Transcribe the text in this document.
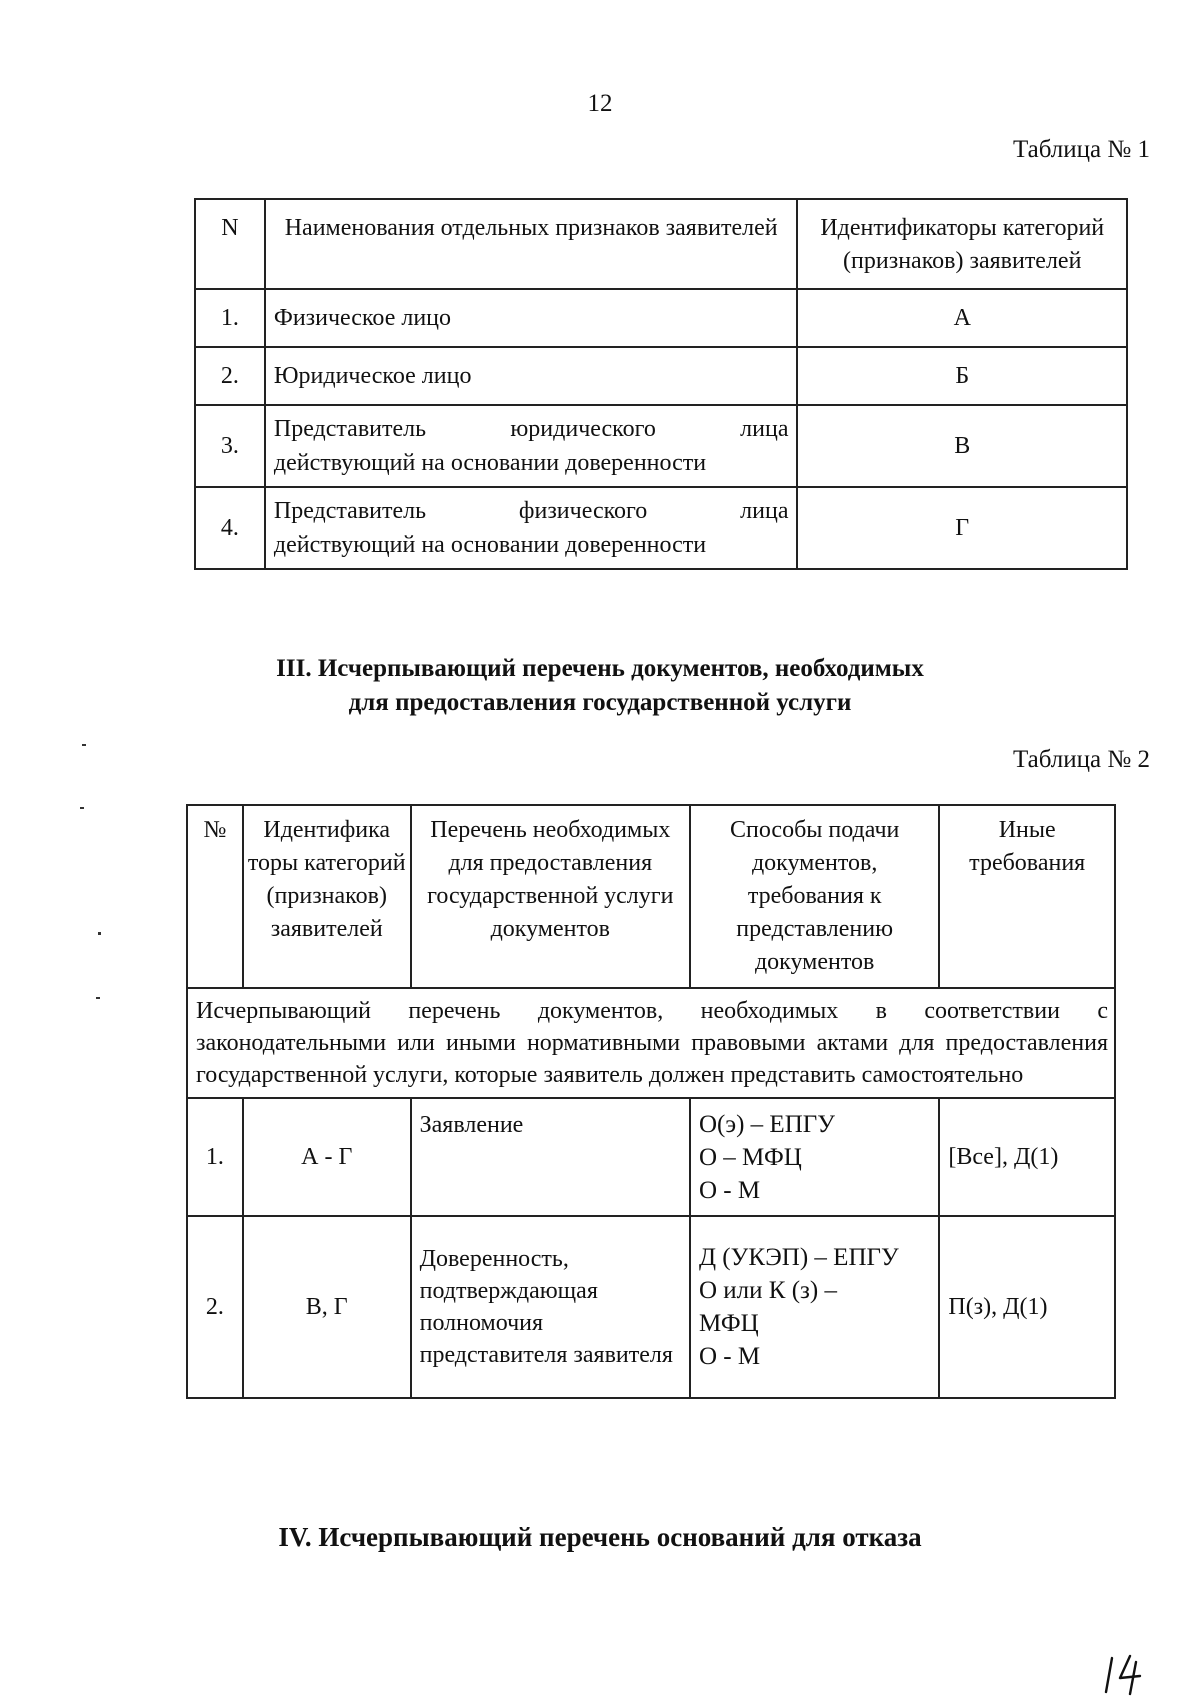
12
Таблица № 1
N	Наименования отдельных признаков заявителей	Идентификаторы категорий (признаков) заявителей
1.	Физическое лицо	А
2.	Юридическое лицо	Б
3.	Представитель юридического лица
действующий на основании доверенности	В
4.	Представитель физического лица
действующий на основании доверенности	Г
III. Исчерпывающий перечень документов, необходимых
для предоставления государственной услуги
Таблица № 2
№	Идентифика торы категорий (признаков) заявителей	Перечень необходимых для предоставления государственной услуги документов	Способы подачи документов, требования к представлению документов	Иные требования
Исчерпывающий перечень документов, необходимых в соответствии с законодательными или иными нормативными правовыми актами для предоставления государственной услуги, которые заявитель должен представить самостоятельно				
1.	А - Г	Заявление	О(э) – ЕПГУ
О – МФЦ
О - М	[Все], Д(1)
2.	В, Г	Доверенность, подтверждающая полномочия представителя заявителя	Д (УКЭП) – ЕПГУ
О или К (з) –
МФЦ
О - М	П(з), Д(1)
IV. Исчерпывающий перечень оснований для отказа
